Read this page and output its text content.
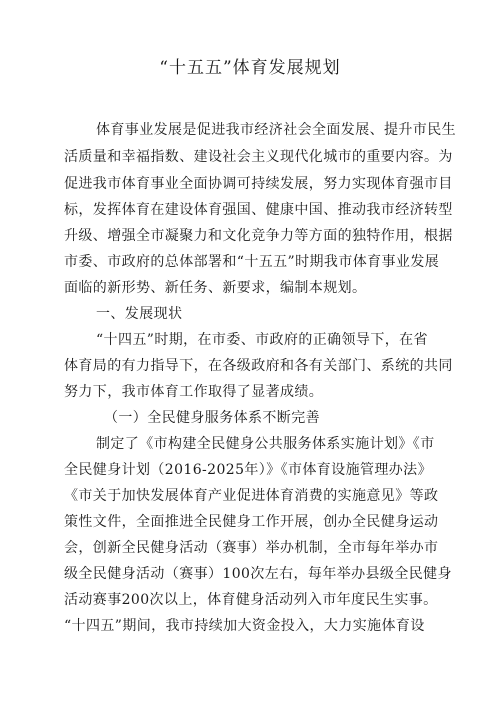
“十五五”体育发展规划

体育事业发展是促进我市经济社会全面发展、提升市民生

活质量和幸福指数、建设社会主义现代化城市的重要内容。为

促进我市体育事业全面协调可持续发展，努力实现体育强市目

标，发挥体育在建设体育强国、健康中国、推动我市经济转型

升级、增强全市凝聚力和文化竞争力等方面的独特作用，根据

市委、市政府的总体部署和“十五五”时期我市体育事业发展

面临的新形势、新任务、新要求，编制本规划。

一、发展现状

“十四五”时期，在市委、市政府的正确领导下，在省

体育局的有力指导下，在各级政府和各有关部门、系统的共同

努力下，我市体育工作取得了显著成绩。

（一）全民健身服务体系不断完善

制定了《市构建全民健身公共服务体系实施计划》《市

全民健身计划（2016-2025年）》《市体育设施管理办法》

《市关于加快发展体育产业促进体育消费的实施意见》等政

策性文件，全面推进全民健身工作开展，创办全民健身运动

会，创新全民健身活动（赛事）举办机制，全市每年举办市

级全民健身活动（赛事）100次左右，每年举办县级全民健身

活动赛事200次以上，体育健身活动列入市年度民生实事。

“十四五”期间，我市持续加大资金投入，大力实施体育设
